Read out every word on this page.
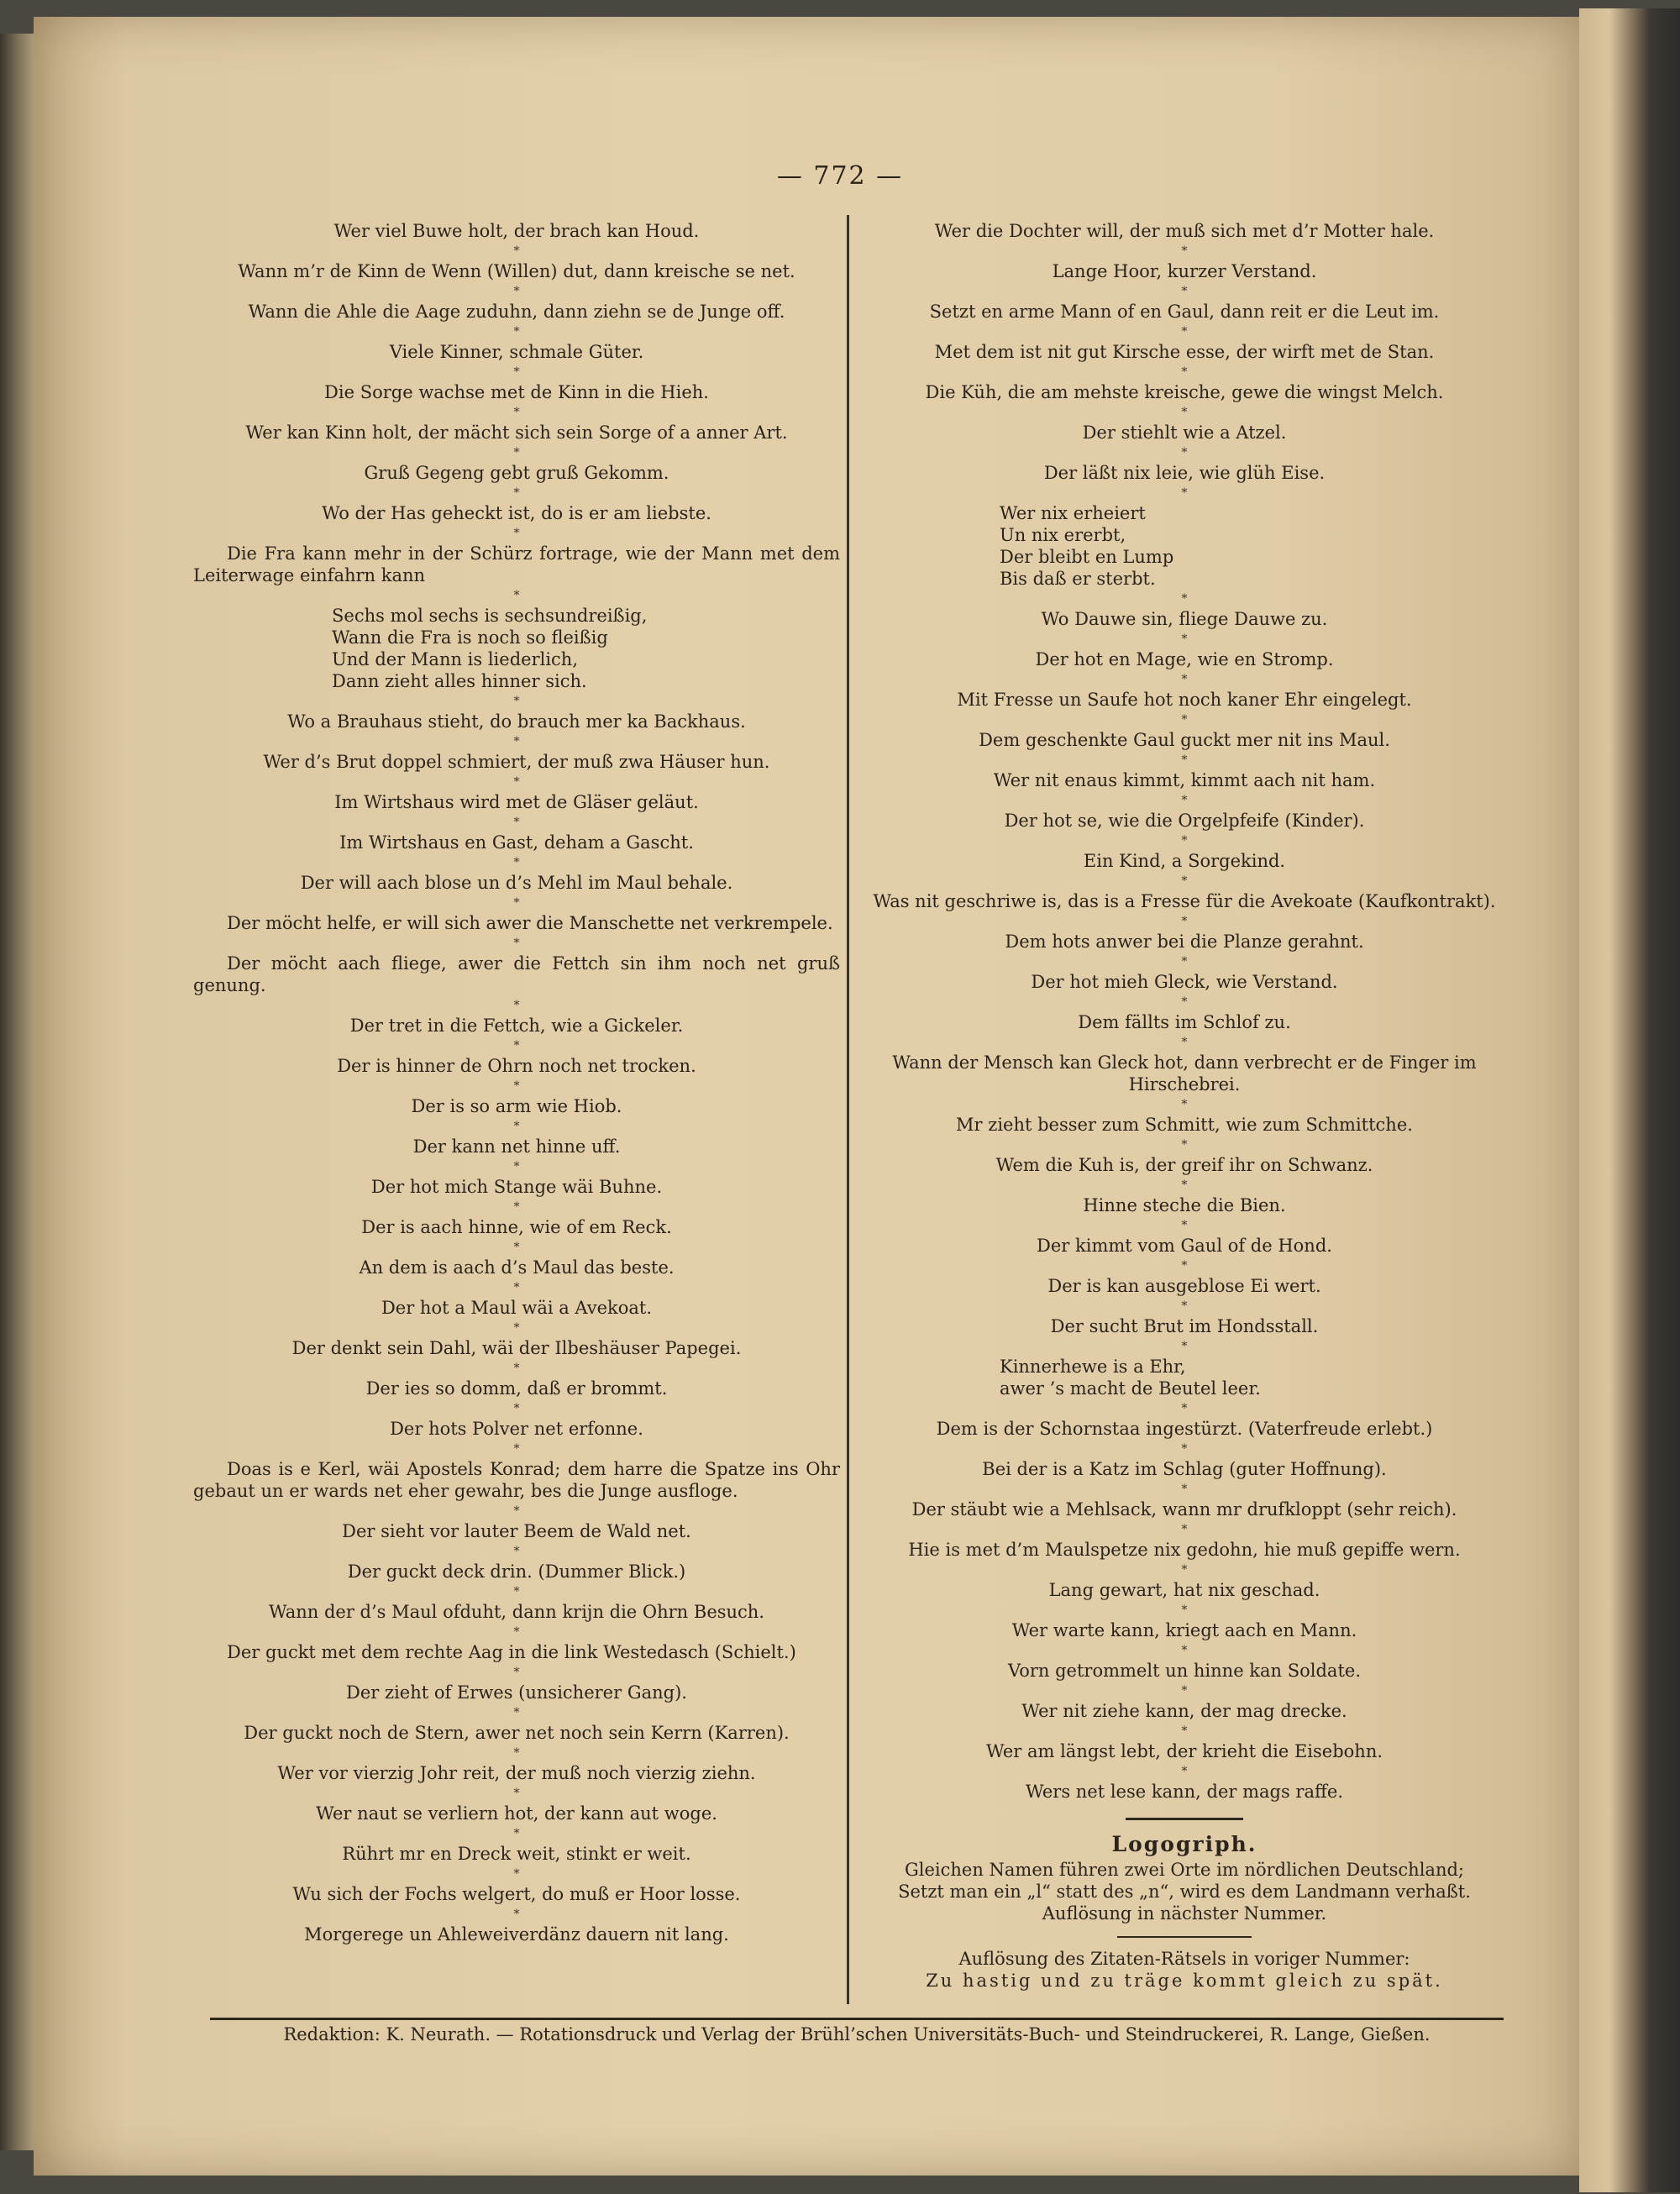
— 772 —
Wer viel Buwe holt, der brach kan Houd.
*
Wann m’r de Kinn de Wenn (Willen) dut, dann kreische se net.
*
Wann die Ahle die Aage zuduhn, dann ziehn se de Junge off.
*
Viele Kinner, schmale Güter.
*
Die Sorge wachse met de Kinn in die Hieh.
*
Wer kan Kinn holt, der mächt sich sein Sorge of a anner Art.
*
Gruß Gegeng gebt gruß Gekomm.
*
Wo der Has geheckt ist, do is er am liebste.
*
Die Fra kann mehr in der Schürz fortrage, wie der Mann met dem Leiterwage einfahrn kann
*
Sechs mol sechs is sechsundreißig,
Wann die Fra is noch so fleißig
Und der Mann is liederlich,
Dann zieht alles hinner sich.
*
Wo a Brauhaus stieht, do brauch mer ka Backhaus.
*
Wer d’s Brut doppel schmiert, der muß zwa Häuser hun.
*
Im Wirtshaus wird met de Gläser geläut.
*
Im Wirtshaus en Gast, deham a Gascht.
*
Der will aach blose un d’s Mehl im Maul behale.
*
Der möcht helfe, er will sich awer die Manschette net verkrempele.
*
Der möcht aach fliege, awer die Fettch sin ihm noch net gruß genung.
*
Der tret in die Fettch, wie a Gickeler.
*
Der is hinner de Ohrn noch net trocken.
*
Der is so arm wie Hiob.
*
Der kann net hinne uff.
*
Der hot mich Stange wäi Buhne.
*
Der is aach hinne, wie of em Reck.
*
An dem is aach d’s Maul das beste.
*
Der hot a Maul wäi a Avekoat.
*
Der denkt sein Dahl, wäi der Ilbeshäuser Papegei.
*
Der ies so domm, daß er brommt.
*
Der hots Polver net erfonne.
*
Doas is e Kerl, wäi Apostels Konrad; dem harre die Spatze ins Ohr gebaut un er wards net eher gewahr, bes die Junge ausfloge.
*
Der sieht vor lauter Beem de Wald net.
*
Der guckt deck drin. (Dummer Blick.)
*
Wann der d’s Maul ofduht, dann krijn die Ohrn Besuch.
*
Der guckt met dem rechte Aag in die link Westedasch (Schielt.)
*
Der zieht of Erwes (unsicherer Gang).
*
Der guckt noch de Stern, awer net noch sein Kerrn (Karren).
*
Wer vor vierzig Johr reit, der muß noch vierzig ziehn.
*
Wer naut se verliern hot, der kann aut woge.
*
Rührt mr en Dreck weit, stinkt er weit.
*
Wu sich der Fochs welgert, do muß er Hoor losse.
*
Morgerege un Ahleweiverdänz dauern nit lang.
Wer die Dochter will, der muß sich met d’r Motter hale.
*
Lange Hoor, kurzer Verstand.
*
Setzt en arme Mann of en Gaul, dann reit er die Leut im.
*
Met dem ist nit gut Kirsche esse, der wirft met de Stan.
*
Die Küh, die am mehste kreische, gewe die wingst Melch.
*
Der stiehlt wie a Atzel.
*
Der läßt nix leie, wie glüh Eise.
*
Wer nix erheiert
Un nix ererbt,
Der bleibt en Lump
Bis daß er sterbt.
*
Wo Dauwe sin, fliege Dauwe zu.
*
Der hot en Mage, wie en Stromp.
*
Mit Fresse un Saufe hot noch kaner Ehr eingelegt.
*
Dem geschenkte Gaul guckt mer nit ins Maul.
*
Wer nit enaus kimmt, kimmt aach nit ham.
*
Der hot se, wie die Orgelpfeife (Kinder).
*
Ein Kind, a Sorgekind.
*
Was nit geschriwe is, das is a Fresse für die Avekoate (Kaufkontrakt).
*
Dem hots anwer bei die Planze gerahnt.
*
Der hot mieh Gleck, wie Verstand.
*
Dem fällts im Schlof zu.
*
Wann der Mensch kan Gleck hot, dann verbrecht er de Finger im Hirschebrei.
*
Mr zieht besser zum Schmitt, wie zum Schmittche.
*
Wem die Kuh is, der greif ihr on Schwanz.
*
Hinne steche die Bien.
*
Der kimmt vom Gaul of de Hond.
*
Der is kan ausgeblose Ei wert.
*
Der sucht Brut im Hondsstall.
*
Kinnerhewe is a Ehr,
awer ’s macht de Beutel leer.
*
Dem is der Schornstaa ingestürzt. (Vaterfreude erlebt.)
*
Bei der is a Katz im Schlag (guter Hoffnung).
*
Der stäubt wie a Mehlsack, wann mr drufkloppt (sehr reich).
*
Hie is met d’m Maulspetze nix gedohn, hie muß gepiffe wern.
*
Lang gewart, hat nix geschad.
*
Wer warte kann, kriegt aach en Mann.
*
Vorn getrommelt un hinne kan Soldate.
*
Wer nit ziehe kann, der mag drecke.
*
Wer am längst lebt, der krieht die Eisebohn.
*
Wers net lese kann, der mags raffe.
Logogriph.
Gleichen Namen führen zwei Orte im nördlichen Deutschland;
Setzt man ein „l“ statt des „n“, wird es dem Landmann verhaßt.
Auflösung in nächster Nummer.
Auflösung des Zitaten-Rätsels in voriger Nummer:
Zu hastig und zu träge kommt gleich zu spät.
Redaktion: K. Neurath. — Rotationsdruck und Verlag der Brühl’schen Universitäts-Buch- und Steindruckerei, R. Lange, Gießen.
